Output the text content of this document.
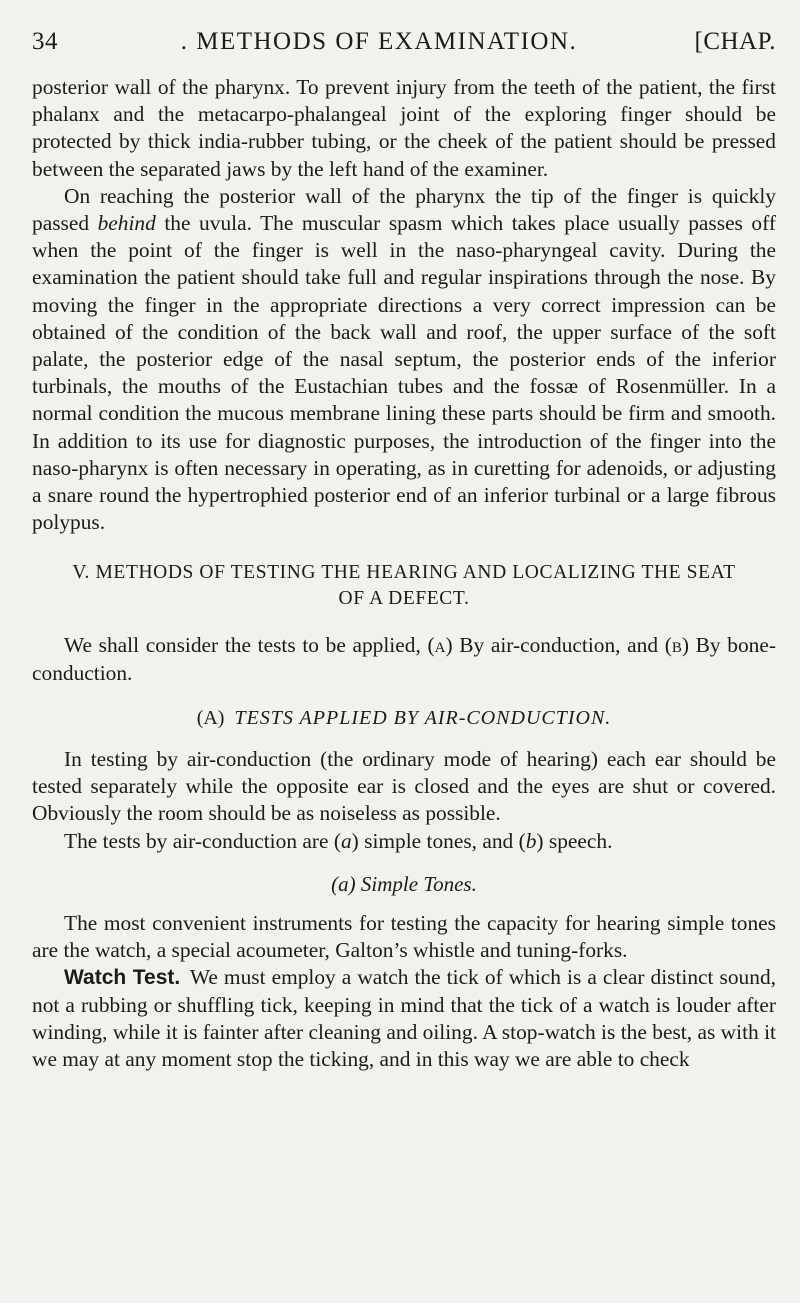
34	. METHODS OF EXAMINATION.	[CHAP.

posterior wall of the pharynx. To prevent injury from the teeth of the patient, the first phalanx and the metacarpo-phalangeal joint of the exploring finger should be protected by thick india-rubber tubing, or the cheek of the patient should be pressed between the separated jaws by the left hand of the examiner.

On reaching the posterior wall of the pharynx the tip of the finger is quickly passed behind the uvula. The muscular spasm which takes place usually passes off when the point of the finger is well in the naso-pharyngeal cavity. During the examination the patient should take full and regular inspirations through the nose. By moving the finger in the appropriate directions a very correct impression can be obtained of the condition of the back wall and roof, the upper surface of the soft palate, the posterior edge of the nasal septum, the posterior ends of the inferior turbinals, the mouths of the Eustachian tubes and the fossæ of Rosenmüller. In a normal condition the mucous membrane lining these parts should be firm and smooth. In addition to its use for diagnostic purposes, the introduction of the finger into the naso-pharynx is often necessary in operating, as in curetting for adenoids, or adjusting a snare round the hypertrophied posterior end of an inferior turbinal or a large fibrous polypus.

V. METHODS OF TESTING THE HEARING AND LOCALIZING THE SEAT OF A DEFECT.

We shall consider the tests to be applied, (a) By air-conduction, and (b) By bone-conduction.

(A) TESTS APPLIED BY AIR-CONDUCTION.

In testing by air-conduction (the ordinary mode of hearing) each ear should be tested separately while the opposite ear is closed and the eyes are shut or covered. Obviously the room should be as noiseless as possible.

The tests by air-conduction are (a) simple tones, and (b) speech.

(a) Simple Tones.

The most convenient instruments for testing the capacity for hearing simple tones are the watch, a special acoumeter, Galton’s whistle and tuning-forks.

Watch Test. We must employ a watch the tick of which is a clear distinct sound, not a rubbing or shuffling tick, keeping in mind that the tick of a watch is louder after winding, while it is fainter after cleaning and oiling. A stop-watch is the best, as with it we may at any moment stop the ticking, and in this way we are able to check
